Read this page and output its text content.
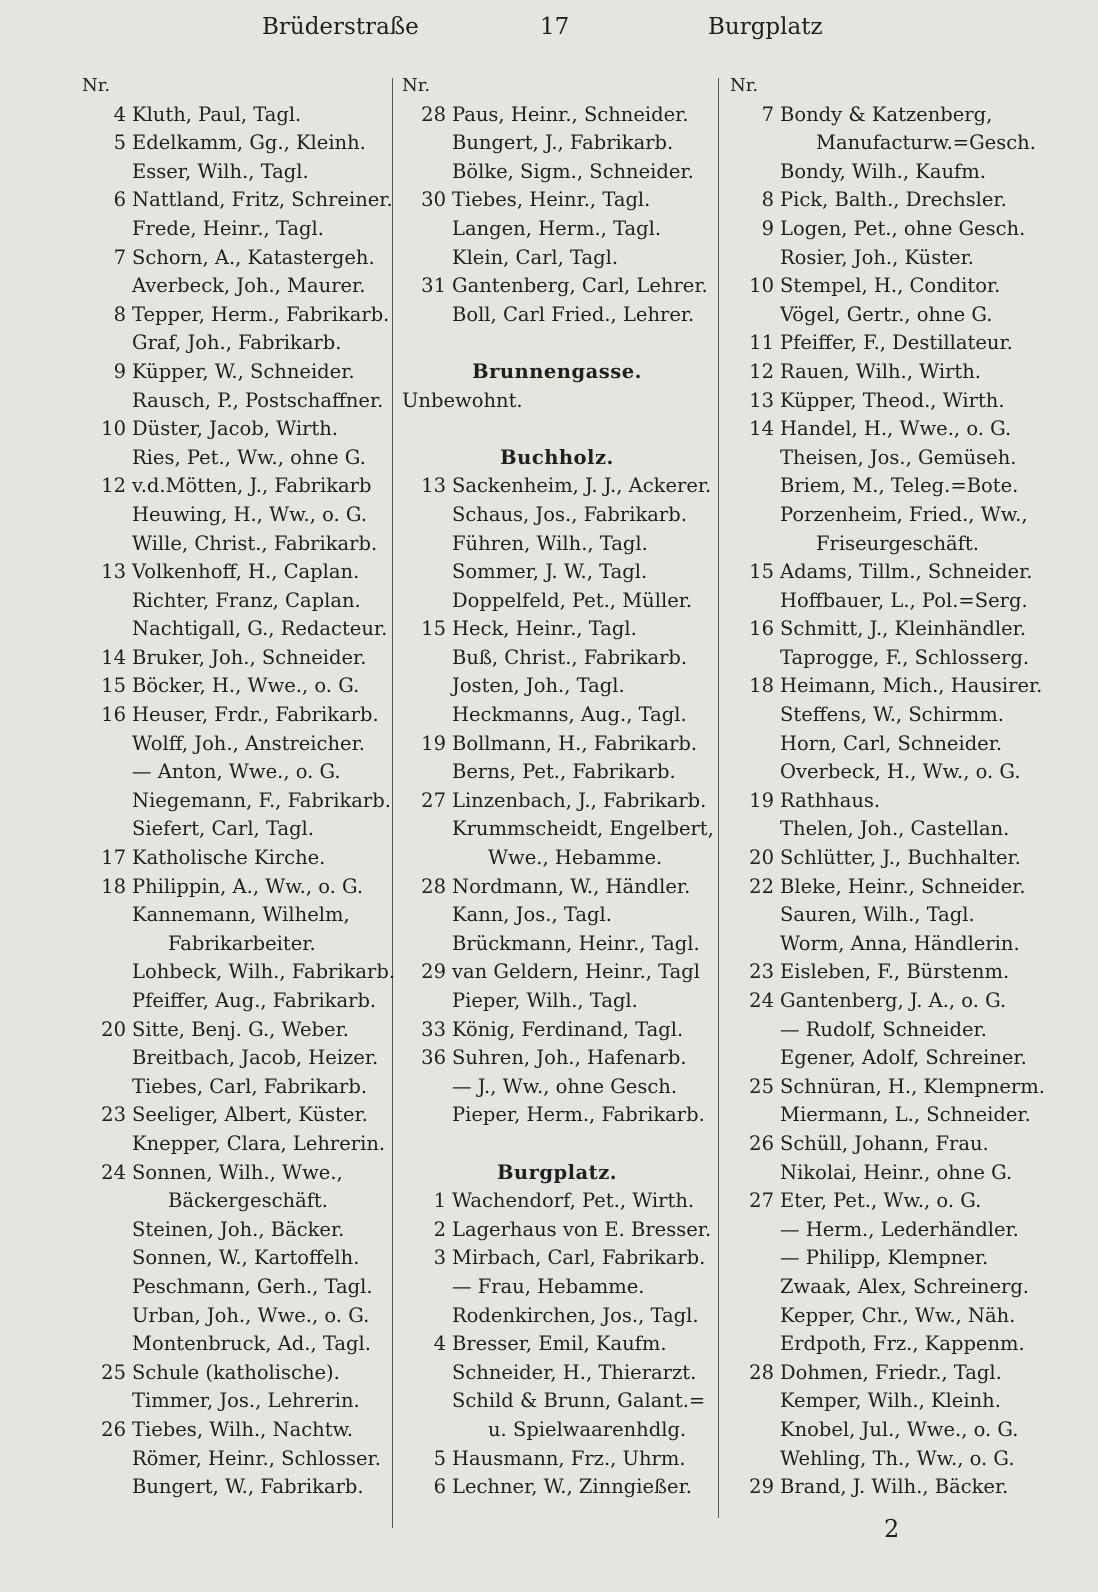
Brüderstraße	17	Burgplatz
Nr.
4 Kluth, Paul, Tagl.
5 Edelkamm, Gg., Kleinh.
Esser, Wilh., Tagl.
6 Nattland, Fritz, Schreiner.
Frede, Heinr., Tagl.
7 Schorn, A., Katastergeh.
Averbeck, Joh., Maurer.
8 Tepper, Herm., Fabrikarb.
Graf, Joh., Fabrikarb.
9 Küpper, W., Schneider.
Rausch, P., Postschaffner.
10 Düster, Jacob, Wirth.
Ries, Pet., Ww., ohne G.
12 v.d.Mötten, J., Fabrikarb
Heuwing, H., Ww., o. G.
Wille, Christ., Fabrikarb.
13 Volkenhoff, H., Caplan.
Richter, Franz, Caplan.
Nachtigall, G., Redacteur.
14 Bruker, Joh., Schneider.
15 Böcker, H., Wwe., o. G.
16 Heuser, Frdr., Fabrikarb.
Wolff, Joh., Anstreicher.
— Anton, Wwe., o. G.
Niegemann, F., Fabrikarb.
Siefert, Carl, Tagl.
17 Katholische Kirche.
18 Philippin, A., Ww., o. G.
Kannemann, Wilhelm,
Fabrikarbeiter.
Lohbeck, Wilh., Fabrikarb.
Pfeiffer, Aug., Fabrikarb.
20 Sitte, Benj. G., Weber.
Breitbach, Jacob, Heizer.
Tiebes, Carl, Fabrikarb.
23 Seeliger, Albert, Küster.
Knepper, Clara, Lehrerin.
24 Sonnen, Wilh., Wwe.,
Bäckergeschäft.
Steinen, Joh., Bäcker.
Sonnen, W., Kartoffelh.
Peschmann, Gerh., Tagl.
Urban, Joh., Wwe., o. G.
Montenbruck, Ad., Tagl.
25 Schule (katholische).
Timmer, Jos., Lehrerin.
26 Tiebes, Wilh., Nachtw.
Römer, Heinr., Schlosser.
Bungert, W., Fabrikarb.
Nr.
28 Paus, Heinr., Schneider.
Bungert, J., Fabrikarb.
Bölke, Sigm., Schneider.
30 Tiebes, Heinr., Tagl.
Langen, Herm., Tagl.
Klein, Carl, Tagl.
31 Gantenberg, Carl, Lehrer.
Boll, Carl Fried., Lehrer.
Brunnengasse.
Unbewohnt.
Buchholz.
13 Sackenheim, J. J., Ackerer.
Schaus, Jos., Fabrikarb.
Führen, Wilh., Tagl.
Sommer, J. W., Tagl.
Doppelfeld, Pet., Müller.
15 Heck, Heinr., Tagl.
Buß, Christ., Fabrikarb.
Josten, Joh., Tagl.
Heckmanns, Aug., Tagl.
19 Bollmann, H., Fabrikarb.
Berns, Pet., Fabrikarb.
27 Linzenbach, J., Fabrikarb.
Krummscheidt, Engelbert,
Wwe., Hebamme.
28 Nordmann, W., Händler.
Kann, Jos., Tagl.
Brückmann, Heinr., Tagl.
29 van Geldern, Heinr., Tagl
Pieper, Wilh., Tagl.
33 König, Ferdinand, Tagl.
36 Suhren, Joh., Hafenarb.
— J., Ww., ohne Gesch.
Pieper, Herm., Fabrikarb.
Burgplatz.
1 Wachendorf, Pet., Wirth.
2 Lagerhaus von E. Bresser.
3 Mirbach, Carl, Fabrikarb.
— Frau, Hebamme.
Rodenkirchen, Jos., Tagl.
4 Bresser, Emil, Kaufm.
Schneider, H., Thierarzt.
Schild & Brunn, Galant.=
u. Spielwaarenhdlg.
5 Hausmann, Frz., Uhrm.
6 Lechner, W., Zinngießer.
Nr.
7 Bondy & Katzenberg,
Manufacturw.=Gesch.
Bondy, Wilh., Kaufm.
8 Pick, Balth., Drechsler.
9 Logen, Pet., ohne Gesch.
Rosier, Joh., Küster.
10 Stempel, H., Conditor.
Vögel, Gertr., ohne G.
11 Pfeiffer, F., Destillateur.
12 Rauen, Wilh., Wirth.
13 Küpper, Theod., Wirth.
14 Handel, H., Wwe., o. G.
Theisen, Jos., Gemüseh.
Briem, M., Teleg.=Bote.
Porzenheim, Fried., Ww.,
Friseurgeschäft.
15 Adams, Tillm., Schneider.
Hoffbauer, L., Pol.=Serg.
16 Schmitt, J., Kleinhändler.
Taprogge, F., Schlosserg.
18 Heimann, Mich., Hausirer.
Steffens, W., Schirmm.
Horn, Carl, Schneider.
Overbeck, H., Ww., o. G.
19 Rathhaus.
Thelen, Joh., Castellan.
20 Schlütter, J., Buchhalter.
22 Bleke, Heinr., Schneider.
Sauren, Wilh., Tagl.
Worm, Anna, Händlerin.
23 Eisleben, F., Bürstenm.
24 Gantenberg, J. A., o. G.
— Rudolf, Schneider.
Egener, Adolf, Schreiner.
25 Schnüran, H., Klempnerm.
Miermann, L., Schneider.
26 Schüll, Johann, Frau.
Nikolai, Heinr., ohne G.
27 Eter, Pet., Ww., o. G.
— Herm., Lederhändler.
— Philipp, Klempner.
Zwaak, Alex, Schreinerg.
Kepper, Chr., Ww., Näh.
Erdpoth, Frz., Kappenm.
28 Dohmen, Friedr., Tagl.
Kemper, Wilh., Kleinh.
Knobel, Jul., Wwe., o. G.
Wehling, Th., Ww., o. G.
29 Brand, J. Wilh., Bäcker.
2
